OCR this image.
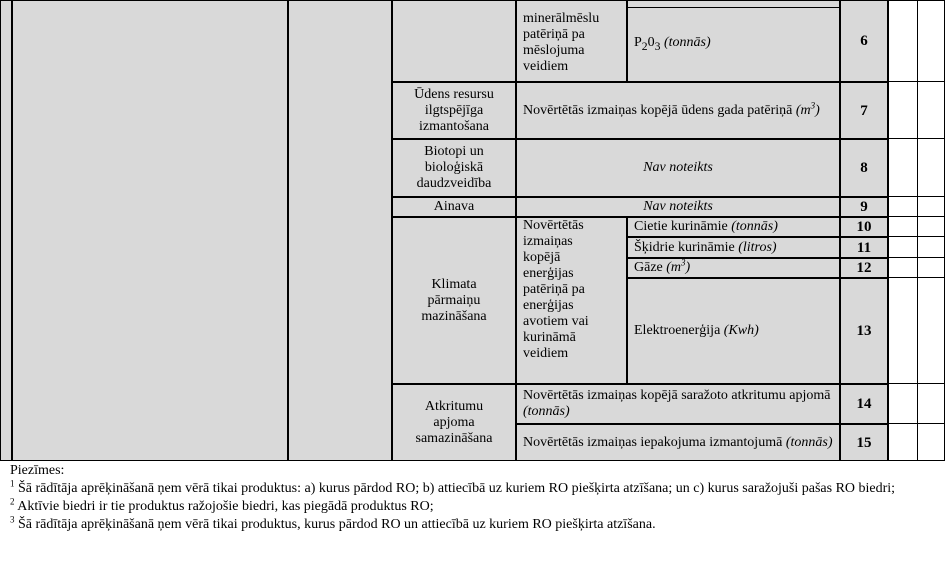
minerālmēslu
patēriņā pa
mēslojuma
veidiem
$P_20_3$ (tonnās)	6
Ūdens resursu
ilgtspējīga
izmantošana
Novērtētās izmaiņas kopējā ūdens gada patēriņā $(m^3)$	7
Biotopi un
bioloģiskā
daudzveidība
Nav noteikts	8
Ainava	Nav noteikts	9
Klimata
pārmaiņu
mazināšana
Novērtētās
izmaiņas
kopējā
enerģijas
patēriņā pa
enerģijas
avotiem vai
kurināmā
veidiem
Cietie kurināmie (tonnās)	10
Šķidrie kurināmie (litros)	11
Gāze $(m^3)$	12
Elektroenerģija (Kwh)	13
Atkritumu
apjoma
samazināšana
Novērtētās izmaiņas kopējā saražoto atkritumu apjomā (tonnās)	14
Novērtētās izmaiņas iepakojuma izmantojumā (tonnās)	15

Piezīmes:

$^1$ Šā rādītāja aprēķināšanā ņem vērā tikai produktus: a) kurus pārdod RO; b) attiecībā uz kuriem RO piešķirta atzīšana; un c) kurus saražojuši pašas RO biedri;

$^2$ Aktīvie biedri ir tie produktus ražojošie biedri, kas piegādā produktus RO;

$^3$ Šā rādītāja aprēķināšanā ņem vērā tikai produktus, kurus pārdod RO un attiecībā uz kuriem RO piešķirta atzīšana.
